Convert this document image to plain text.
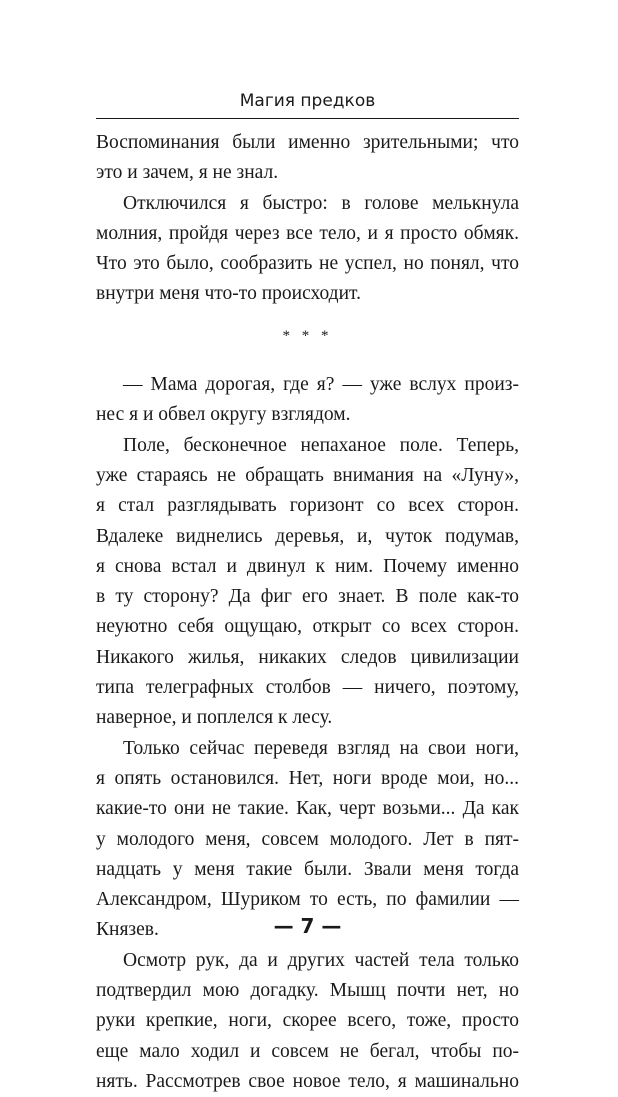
Магия предков

Воспоминания были именно зрительными; что
это и зачем, я не знал.

Отключился я быстро: в голове мелькнула
молния, пройдя через все тело, и я просто обмяк.
Что это было, сообразить не успел, но понял, что
внутри меня что-то происходит.

* * *

— Мама дорогая, где я? — уже вслух произ-
нес я и обвел округу взглядом.

Поле, бесконечное непаханое поле. Теперь,
уже стараясь не обращать внимания на «Луну»,
я стал разглядывать горизонт со всех сторон.
Вдалеке виднелись деревья, и, чуток подумав,
я снова встал и двинул к ним. Почему именно
в ту сторону? Да фиг его знает. В поле как-то
неуютно себя ощущаю, открыт со всех сторон.
Никакого жилья, никаких следов цивилизации
типа телеграфных столбов — ничего, поэтому,
наверное, и поплелся к лесу.

Только сейчас переведя взгляд на свои ноги,
я опять остановился. Нет, ноги вроде мои, но...
какие-то они не такие. Как, черт возьми... Да как
у молодого меня, совсем молодого. Лет в пят-
надцать у меня такие были. Звали меня тогда
Александром, Шуриком то есть, по фамилии —
Князев.

Осмотр рук, да и других частей тела только
подтвердил мою догадку. Мышц почти нет, но
руки крепкие, ноги, скорее всего, тоже, просто
еще мало ходил и совсем не бегал, чтобы по-
нять. Рассмотрев свое новое тело, я машинально

— 7 —
